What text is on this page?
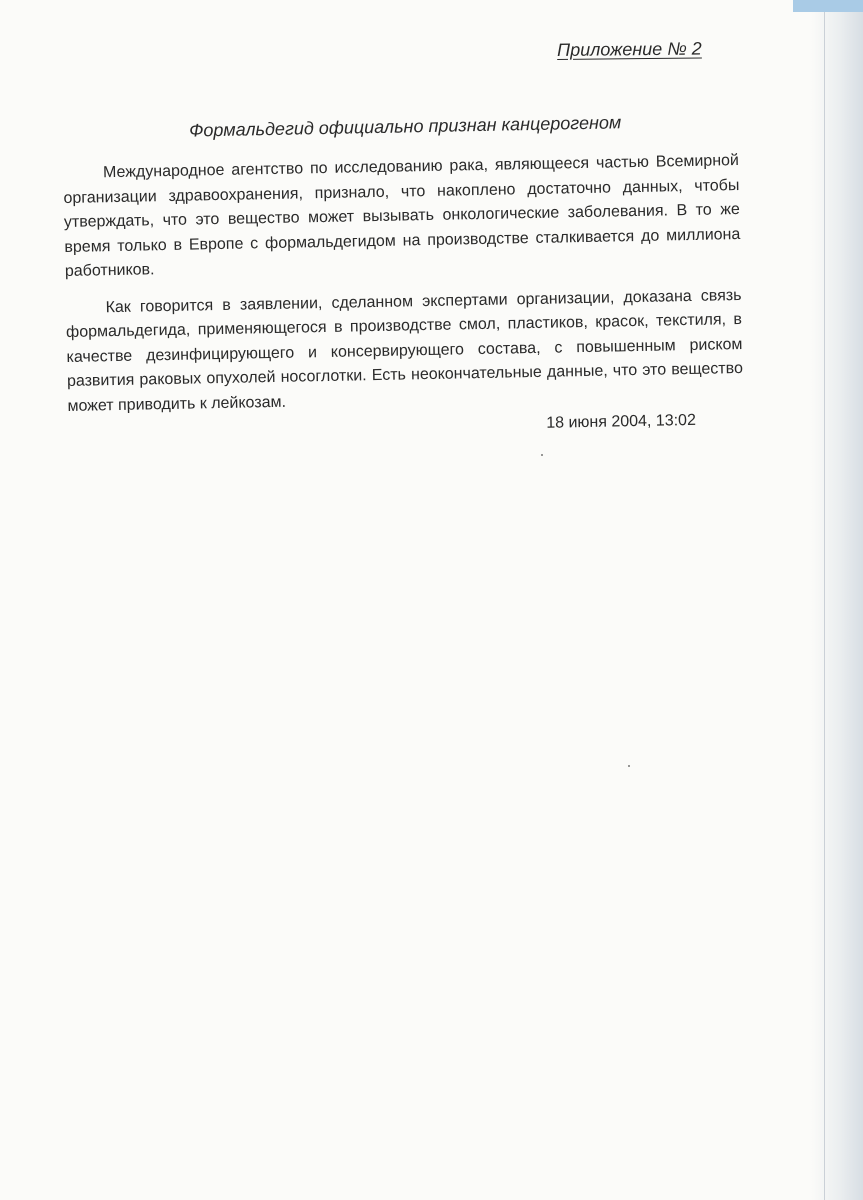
Приложение № 2
Формальдегид официально признан канцерогеном

Международное агентство по исследованию рака, являющееся частью Всемирной организации здравоохранения, признало, что накоплено достаточно данных, чтобы утверждать, что это вещество может вызывать онкологические заболевания. В то же время только в Европе с формальдегидом на производстве сталкивается до миллиона работников.

Как говорится в заявлении, сделанном экспертами организации, доказана связь формальдегида, применяющегося в производстве смол, пластиков, красок, текстиля, в качестве дезинфицирующего и консервирующего состава, с повышенным риском развития раковых опухолей носоглотки. Есть неокончательные данные, что это вещество может приводить к лейкозам.

18 июня 2004, 13:02
